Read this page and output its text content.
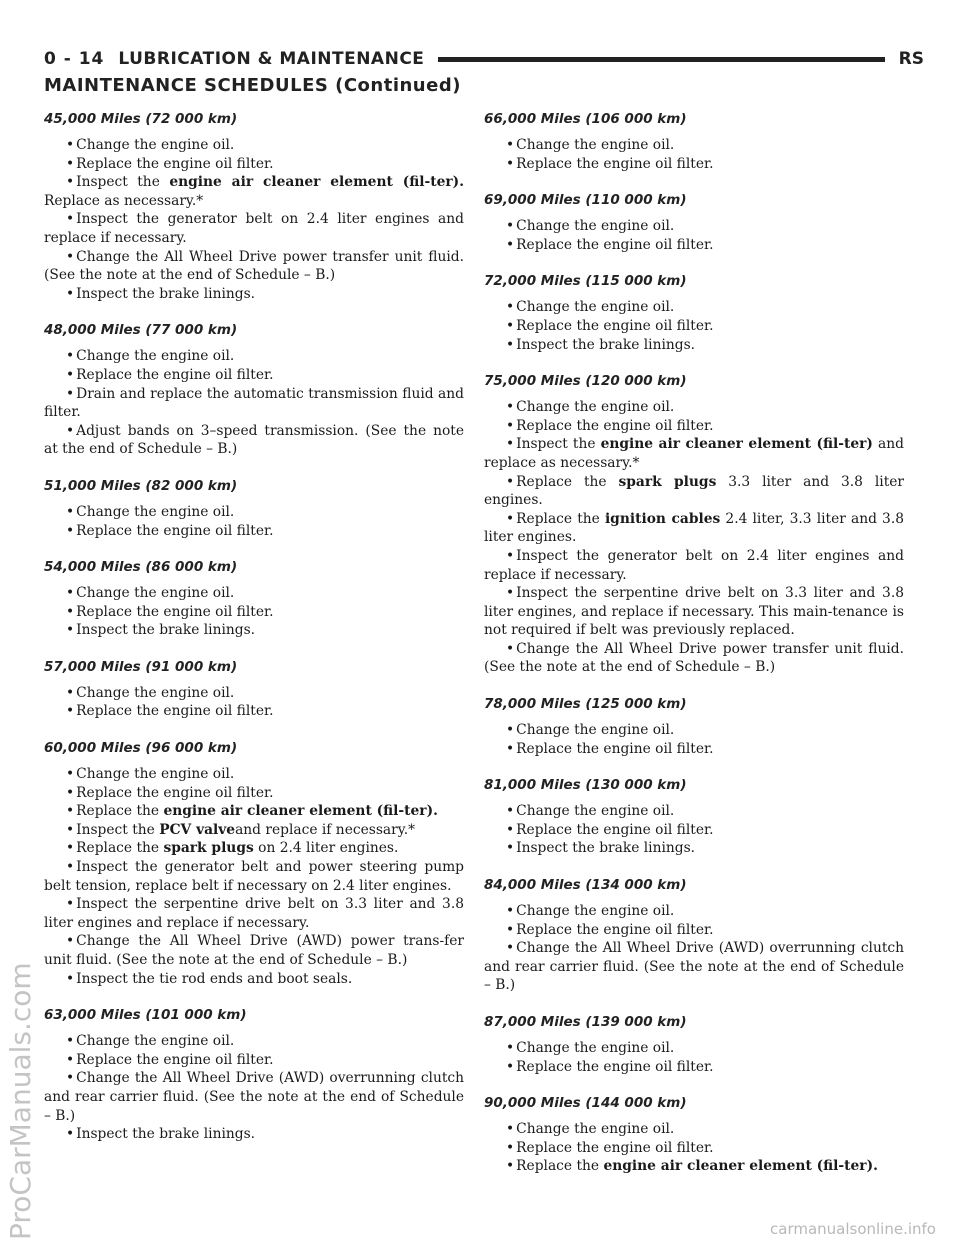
0 - 14 LUBRICATION & MAINTENANCE	RS
MAINTENANCE SCHEDULES (Continued)
45,000 Miles (72 000 km)
• Change the engine oil.
• Replace the engine oil filter.
• Inspect the engine air cleaner element (fil-ter). Replace as necessary.*
• Inspect the generator belt on 2.4 liter engines and replace if necessary.
• Change the All Wheel Drive power transfer unit fluid. (See the note at the end of Schedule – B.)
• Inspect the brake linings.
48,000 Miles (77 000 km)
• Change the engine oil.
• Replace the engine oil filter.
• Drain and replace the automatic transmission fluid and filter.
• Adjust bands on 3–speed transmission. (See the note at the end of Schedule – B.)
51,000 Miles (82 000 km)
• Change the engine oil.
• Replace the engine oil filter.
54,000 Miles (86 000 km)
• Change the engine oil.
• Replace the engine oil filter.
• Inspect the brake linings.
57,000 Miles (91 000 km)
• Change the engine oil.
• Replace the engine oil filter.
60,000 Miles (96 000 km)
• Change the engine oil.
• Replace the engine oil filter.
• Replace the engine air cleaner element (fil-ter).
• Inspect the PCV valveand replace if necessary.*
• Replace the spark plugs on 2.4 liter engines.
• Inspect the generator belt and power steering pump belt tension, replace belt if necessary on 2.4 liter engines.
• Inspect the serpentine drive belt on 3.3 liter and 3.8 liter engines and replace if necessary.
• Change the All Wheel Drive (AWD) power trans-fer unit fluid. (See the note at the end of Schedule – B.)
• Inspect the tie rod ends and boot seals.
63,000 Miles (101 000 km)
• Change the engine oil.
• Replace the engine oil filter.
• Change the All Wheel Drive (AWD) overrunning clutch and rear carrier fluid. (See the note at the end of Schedule – B.)
• Inspect the brake linings.
66,000 Miles (106 000 km)
• Change the engine oil.
• Replace the engine oil filter.
69,000 Miles (110 000 km)
• Change the engine oil.
• Replace the engine oil filter.
72,000 Miles (115 000 km)
• Change the engine oil.
• Replace the engine oil filter.
• Inspect the brake linings.
75,000 Miles (120 000 km)
• Change the engine oil.
• Replace the engine oil filter.
• Inspect the engine air cleaner element (fil-ter) and replace as necessary.*
• Replace the spark plugs 3.3 liter and 3.8 liter engines.
• Replace the ignition cables 2.4 liter, 3.3 liter and 3.8 liter engines.
• Inspect the generator belt on 2.4 liter engines and replace if necessary.
• Inspect the serpentine drive belt on 3.3 liter and 3.8 liter engines, and replace if necessary. This main-tenance is not required if belt was previously replaced.
• Change the All Wheel Drive power transfer unit fluid. (See the note at the end of Schedule – B.)
78,000 Miles (125 000 km)
• Change the engine oil.
• Replace the engine oil filter.
81,000 Miles (130 000 km)
• Change the engine oil.
• Replace the engine oil filter.
• Inspect the brake linings.
84,000 Miles (134 000 km)
• Change the engine oil.
• Replace the engine oil filter.
• Change the All Wheel Drive (AWD) overrunning clutch and rear carrier fluid. (See the note at the end of Schedule – B.)
87,000 Miles (139 000 km)
• Change the engine oil.
• Replace the engine oil filter.
90,000 Miles (144 000 km)
• Change the engine oil.
• Replace the engine oil filter.
• Replace the engine air cleaner element (fil-ter).
ProCarManuals.com	carmanualsonline.info
